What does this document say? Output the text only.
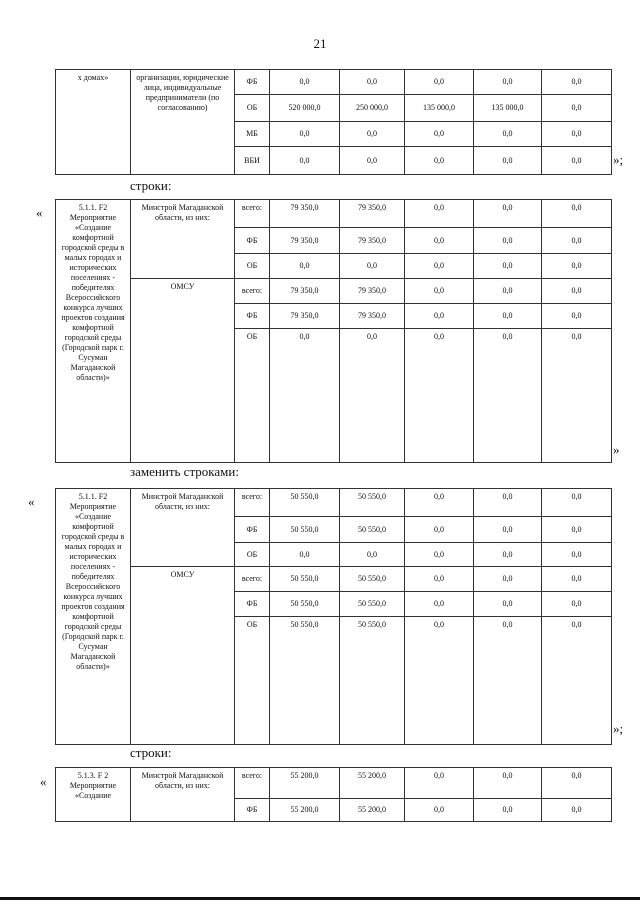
21
х домах»	организации, юридические лица, индивидуальные предприниматели (по согласованию)	ФБ	0,0	0,0	0,0	0,0	0,0
		ОБ	520 000,0	250 000,0	135 000,0	135 000,0	0,0
		МБ	0,0	0,0	0,0	0,0	0,0
		ВБИ	0,0	0,0	0,0	0,0	0,0 »;
строки:
«	5.1.1. F2 Мероприятие «Создание комфортной городской среды в малых городах и исторических поселениях - победителях Всероссийского конкурса лучших проектов создания комфортной городской среды (Городской парк г. Сусуман Магаданской области)»	Минстрой Магаданской области, из них:	всего:	79 350,0	79 350,0	0,0	0,0	0,0
		ФБ	79 350,0	79 350,0	0,0	0,0	0,0
		ОБ	0,0	0,0	0,0	0,0	0,0
	ОМСУ	всего:	79 350,0	79 350,0	0,0	0,0	0,0
		ФБ	79 350,0	79 350,0	0,0	0,0	0,0
		ОБ	0,0	0,0	0,0	0,0	0,0
»
заменить строками:
«	5.1.1. F2 Мероприятие «Создание комфортной городской среды в малых городах и исторических поселениях - победителях Всероссийского конкурса лучших проектов создания комфортной городской среды (Городской парк г. Сусуман Магаданской области)»	Минстрой Магаданской области, из них:	всего:	50 550,0	50 550,0	0,0	0,0	0,0
		ФБ	50 550,0	50 550,0	0,0	0,0	0,0
		ОБ	0,0	0,0	0,0	0,0	0,0
	ОМСУ	всего:	50 550,0	50 550,0	0,0	0,0	0,0
		ФБ	50 550,0	50 550,0	0,0	0,0	0,0
		ОБ	50 550,0	50 550,0	0,0	0,0	0,0
»;
строки:
«	5.1.3. F 2 Мероприятие «Создание	Минстрой Магаданской области, из них:	всего:	55 200,0	55 200,0	0,0	0,0	0,0
		ФБ	55 200,0	55 200,0	0,0	0,0	0,0
